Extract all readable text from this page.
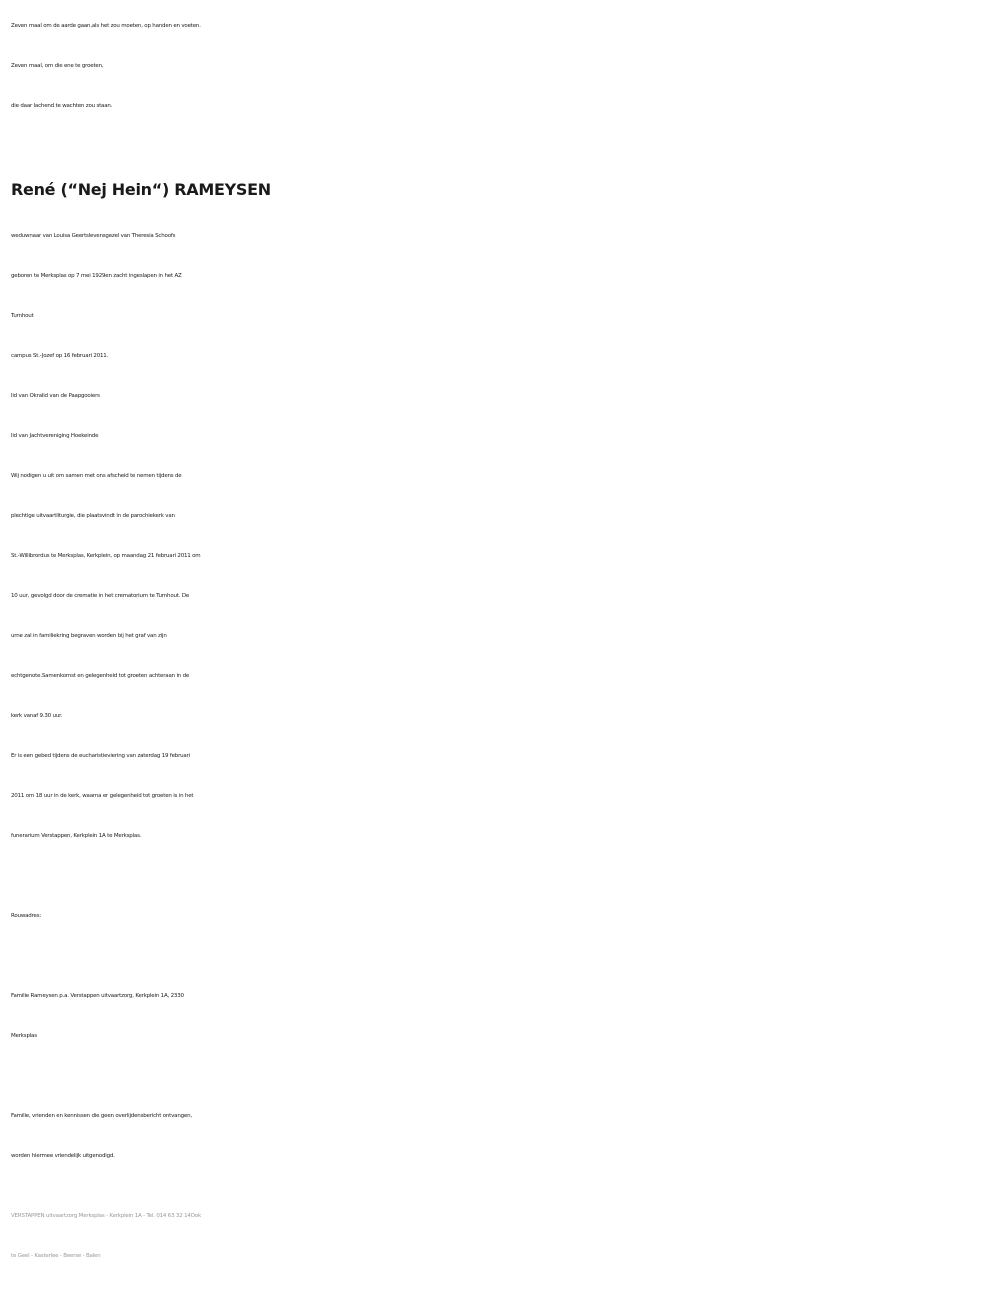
Zeven maal om de aarde gaan,als het zou moeten, op handen en voeten.
Zeven maal, om die ene te groeten,
die daar lachend te wachten zou staan.
René (“Nej Hein“) RAMEYSEN
weduwnaar van Louisa Geertslevensgezel van Theresia Schoofs
geboren te Merksplas op 7 mei 1929en zacht ingeslapen in het AZ
Turnhout
campus St.-Jozef op 16 februari 2011.
lid van Okralid van de Paapgooiers
lid van Jachtvereniging Hoekeinde
Wij nodigen u uit om samen met ons afscheid te nemen tijdens de
plechtige uitvaartliturgie, die plaatsvindt in de parochiekerk van
St.-Willibrordus te Merksplas, Kerkplein, op maandag 21 februari 2011 om
10 uur, gevolgd door de crematie in het crematorium te Turnhout. De
urne zal in familiekring begraven worden bij het graf van zijn
echtgenote.Samenkomst en gelegenheid tot groeten achteraan in de
kerk vanaf 9.30 uur.
Er is een gebed tijdens de eucharistieviering van zaterdag 19 februari
2011 om 18 uur in de kerk, waarna er gelegenheid tot groeten is in het
funerarium Verstappen, Kerkplein 1A te Merksplas.
Rouwadres:
Familie Rameysen p.a. Verstappen uitvaartzorg, Kerkplein 1A, 2330
Merksplas
Familie, vrienden en kennissen die geen overlijdensbericht ontvangen,
worden hiermee vriendelijk uitgenodigd.
VERSTAPPEN uitvaartzorg Merksplas - Kerkplein 1A - Tel. 014 63 32 14Ook
te Geel - Kasterlee - Beerse - Balen
